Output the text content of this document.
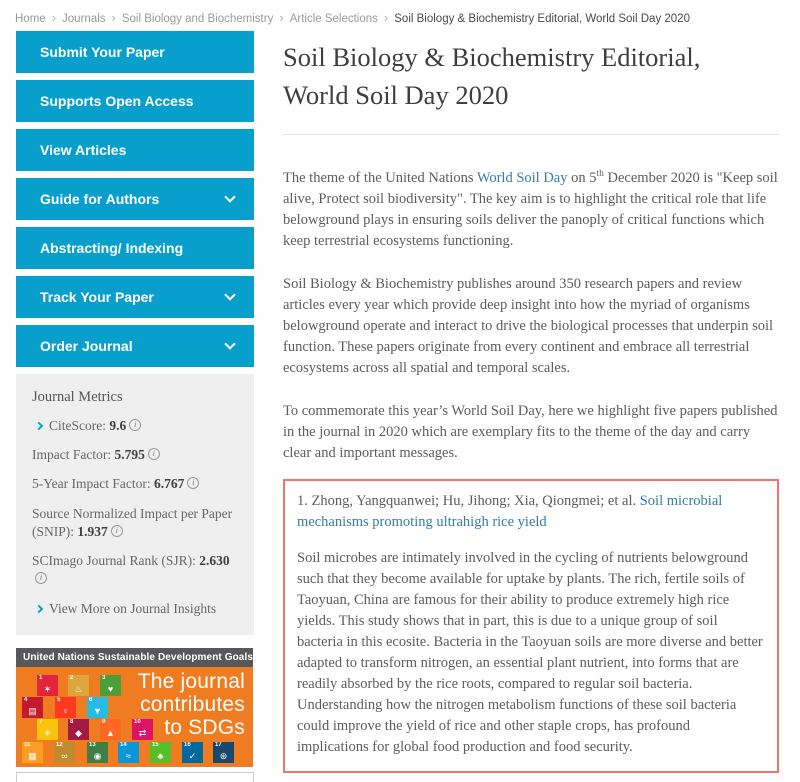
Home › Journals › Soil Biology and Biochemistry › Article Selections › Soil Biology & Biochemistry Editorial, World Soil Day 2020
Submit Your Paper
Supports Open Access
View Articles
Guide for Authors
Abstracting/ Indexing
Track Your Paper
Order Journal
Journal Metrics
CiteScore: 9.6 i
Impact Factor: 5.795 i
5-Year Impact Factor: 6.767 i
Source Normalized Impact per Paper (SNIP): 1.937 i
SCImago Journal Rank (SJR): 2.630i
View More on Journal Insights
United Nations Sustainable Development Goals
1
✶
2
♨
3
♥
4
▤
5
♀
6
▼
7
☀
8
◆
9
▲
10
⇄
11
▦
12
∞
13
◉
14
≈
15
♣
16
✓
17
⊛
The journal
contributes
to SDGs
Soil Biology & Biochemistry Editorial,
World Soil Day 2020

The theme of the United Nations World Soil Day on 5th December 2020 is "Keep soil alive, Protect soil biodiversity". The key aim is to highlight the critical role that life belowground plays in ensuring soils deliver the panoply of critical functions which keep terrestrial ecosystems functioning.

Soil Biology & Biochemistry publishes around 350 research papers and review articles every year which provide deep insight into how the myriad of organisms belowground operate and interact to drive the biological processes that underpin soil function. These papers originate from every continent and embrace all terrestrial ecosystems across all spatial and temporal scales.

To commemorate this year’s World Soil Day, here we highlight five papers published in the journal in 2020 which are exemplary fits to the theme of the day and carry clear and important messages.

1. Zhong, Yangquanwei; Hu, Jihong; Xia, Qiongmei; et al. Soil microbial mechanisms promoting ultrahigh rice yield

Soil microbes are intimately involved in the cycling of nutrients belowground such that they become available for uptake by plants. The rich, fertile soils of Taoyuan, China are famous for their ability to produce extremely high rice yields. This study shows that in part, this is due to a unique group of soil bacteria in this ecosite. Bacteria in the Taoyuan soils are more diverse and better adapted to transform nitrogen, an essential plant nutrient, into forms that are readily absorbed by the rice roots, compared to regular soil bacteria. Understanding how the nitrogen metabolism functions of these soil bacteria could improve the yield of rice and other staple crops, has profound implications for global food production and food security.
